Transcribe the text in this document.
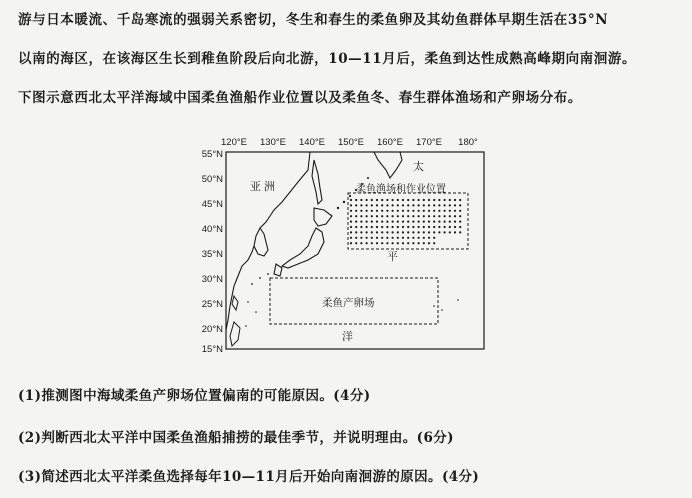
游与日本暖流、千岛寒流的强弱关系密切，冬生和春生的柔鱼卵及其幼鱼群体早期生活在35°N
以南的海区，在该海区生长到稚鱼阶段后向北游，10—11月后，柔鱼到达性成熟高峰期向南洄游。
下图示意西北太平洋海域中国柔鱼渔船作业位置以及柔鱼冬、春生群体渔场和产卵场分布。
120°E 130°E 140°E 150°E 160°E 170°E 180°
55°N
50°N
45°N
40°N
35°N
30°N
25°N
20°N
15°N
亚 洲
太
平
洋
柔鱼渔场和作业位置
柔鱼产卵场
(1)推测图中海域柔鱼产卵场位置偏南的可能原因。(4分)
(2)判断西北太平洋中国柔鱼渔船捕捞的最佳季节，并说明理由。(6分)
(3)简述西北太平洋柔鱼选择每年10—11月后开始向南洄游的原因。(4分)
